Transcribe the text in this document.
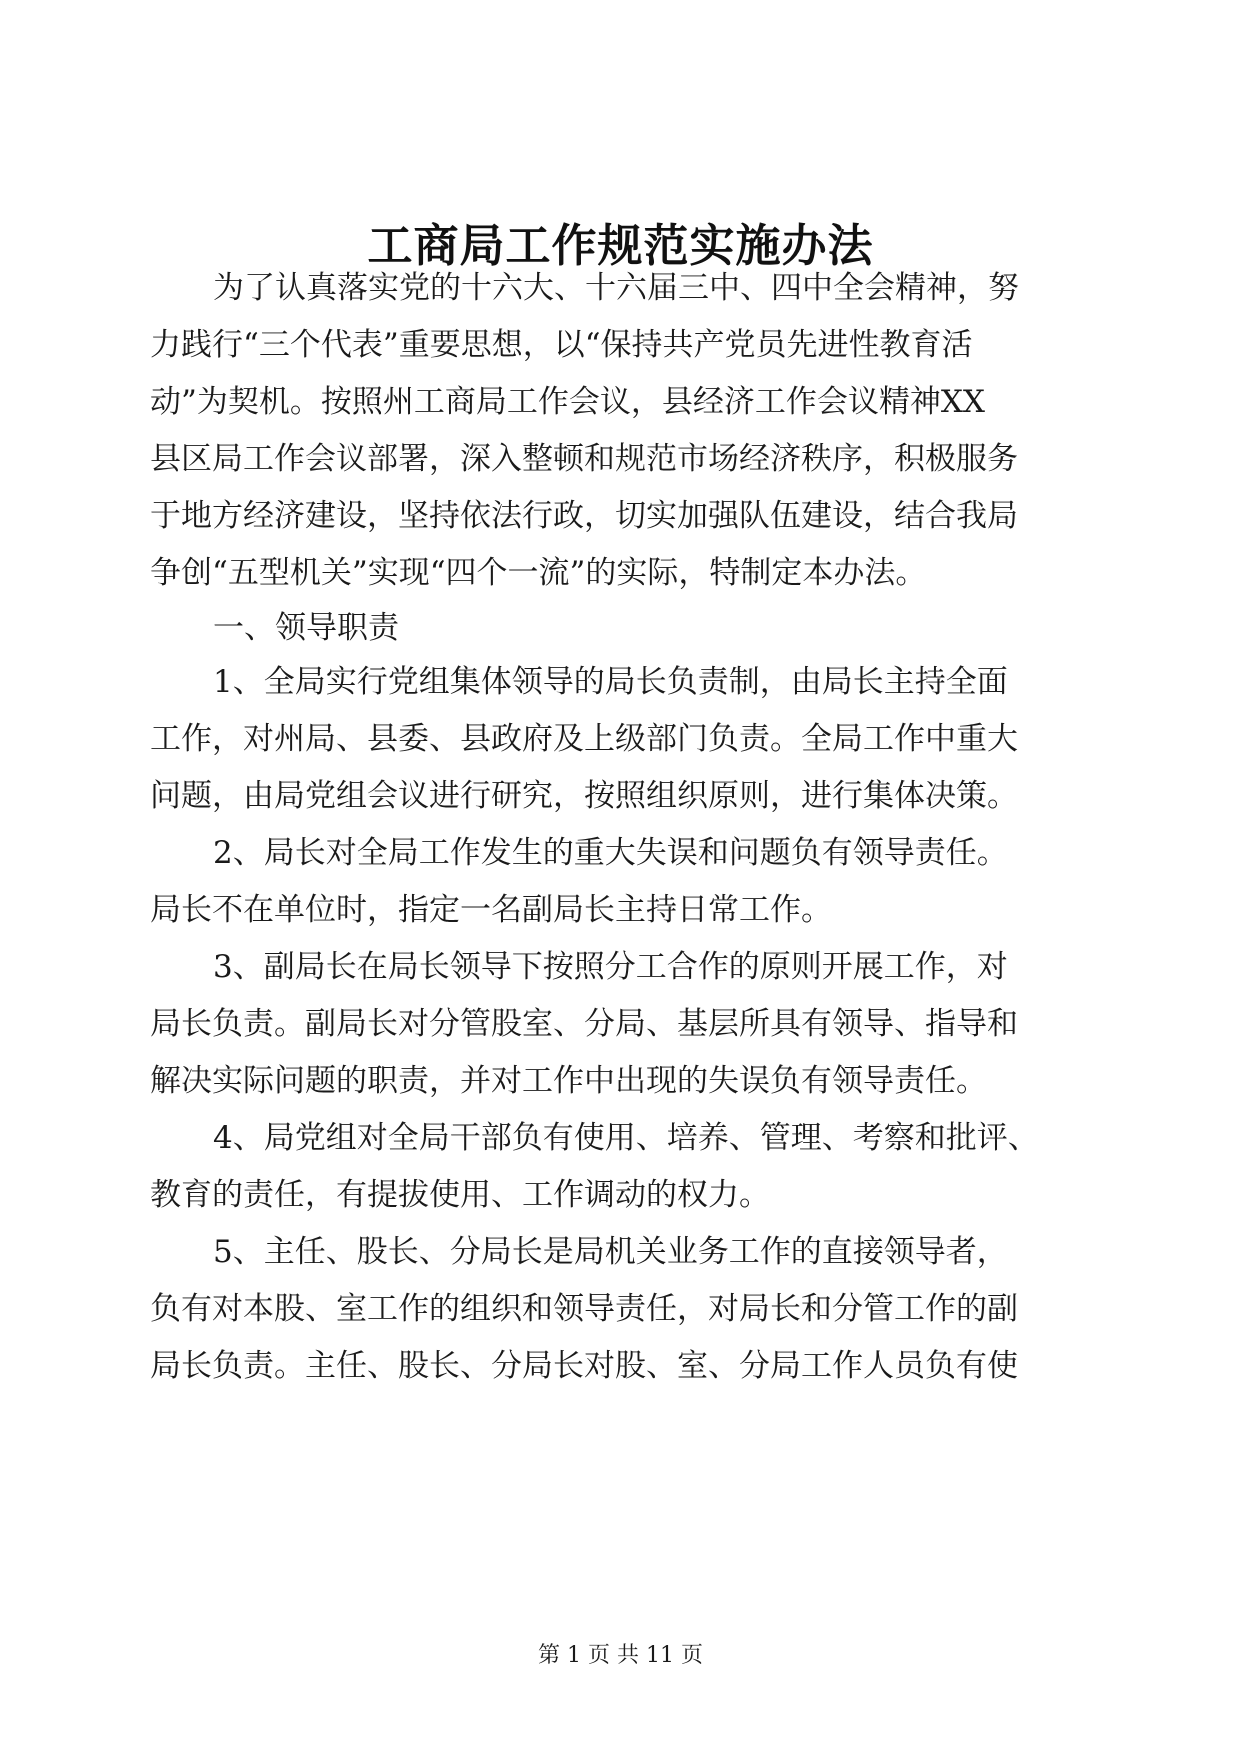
工商局工作规范实施办法
为了认真落实党的十六大、十六届三中、四中全会精神，努
力践行“三个代表”重要思想，以“保持共产党员先进性教育活
动”为契机。按照州工商局工作会议，县经济工作会议精神XX
县区局工作会议部署，深入整顿和规范市场经济秩序，积极服务
于地方经济建设，坚持依法行政，切实加强队伍建设，结合我局
争创“五型机关”实现“四个一流”的实际，特制定本办法。
一、领导职责
1、全局实行党组集体领导的局长负责制，由局长主持全面
工作，对州局、县委、县政府及上级部门负责。全局工作中重大
问题，由局党组会议进行研究，按照组织原则，进行集体决策。
2、局长对全局工作发生的重大失误和问题负有领导责任。
局长不在单位时，指定一名副局长主持日常工作。
3、副局长在局长领导下按照分工合作的原则开展工作，对
局长负责。副局长对分管股室、分局、基层所具有领导、指导和
解决实际问题的职责，并对工作中出现的失误负有领导责任。
4、局党组对全局干部负有使用、培养、管理、考察和批评、
教育的责任，有提拔使用、工作调动的权力。
5、主任、股长、分局长是局机关业务工作的直接领导者，
负有对本股、室工作的组织和领导责任，对局长和分管工作的副
局长负责。主任、股长、分局长对股、室、分局工作人员负有使
第 1 页 共 11 页
